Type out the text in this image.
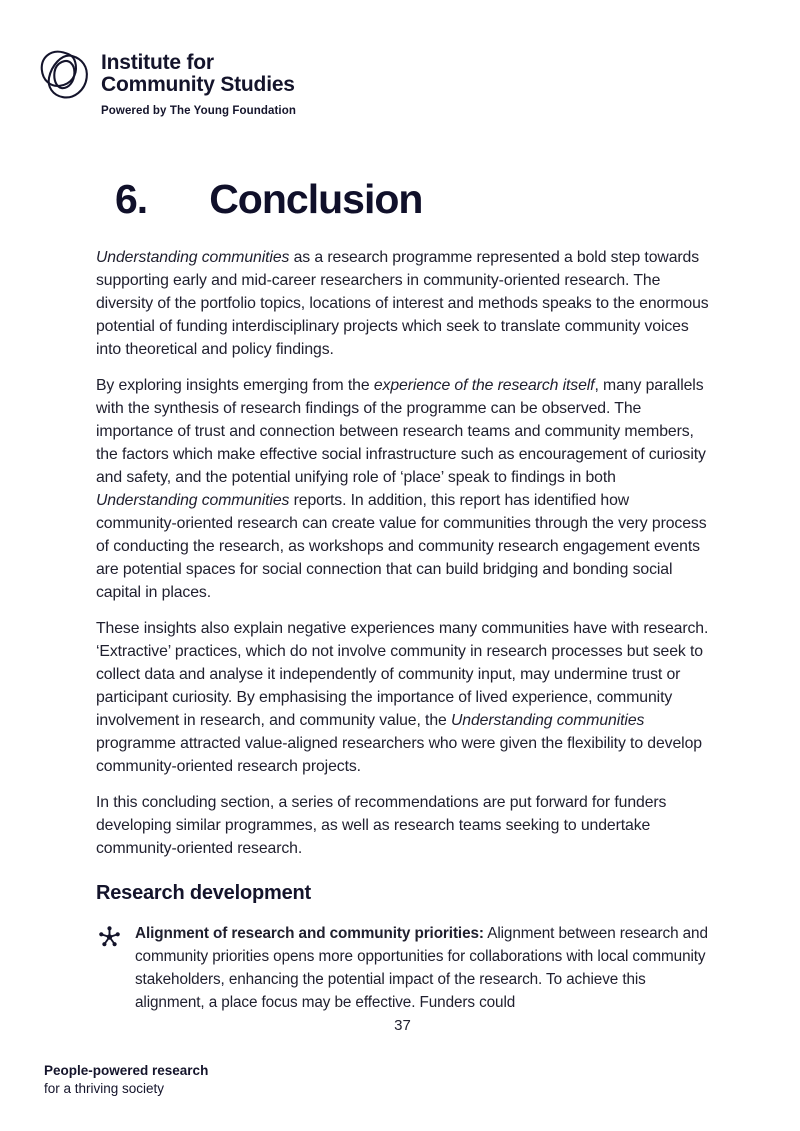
Institute for
Community Studies
Powered by The Young Foundation
6. Conclusion

Understanding communities as a research programme represented a bold step towards supporting early and mid-career researchers in community-oriented research. The diversity of the portfolio topics, locations of interest and methods speaks to the enormous potential of funding interdisciplinary projects which seek to translate community voices into theoretical and policy findings.

By exploring insights emerging from the experience of the research itself, many parallels with the synthesis of research findings of the programme can be observed. The importance of trust and connection between research teams and community members, the factors which make effective social infrastructure such as encouragement of curiosity and safety, and the potential unifying role of ‘place’ speak to findings in both Understanding communities reports. In addition, this report has identified how community-oriented research can create value for communities through the very process of conducting the research, as workshops and community research engagement events are potential spaces for social connection that can build bridging and bonding social capital in places.

These insights also explain negative experiences many communities have with research. ‘Extractive’ practices, which do not involve community in research processes but seek to collect data and analyse it independently of community input, may undermine trust or participant curiosity. By emphasising the importance of lived experience, community involvement in research, and community value, the Understanding communities programme attracted value-aligned researchers who were given the flexibility to develop community-oriented research projects.

In this concluding section, a series of recommendations are put forward for funders developing similar programmes, as well as research teams seeking to undertake community-oriented research.

Research development

Alignment of research and community priorities: Alignment between research and community priorities opens more opportunities for collaborations with local community stakeholders, enhancing the potential impact of the research. To achieve this alignment, a place focus may be effective. Funders could

37
People-powered research
for a thriving society
